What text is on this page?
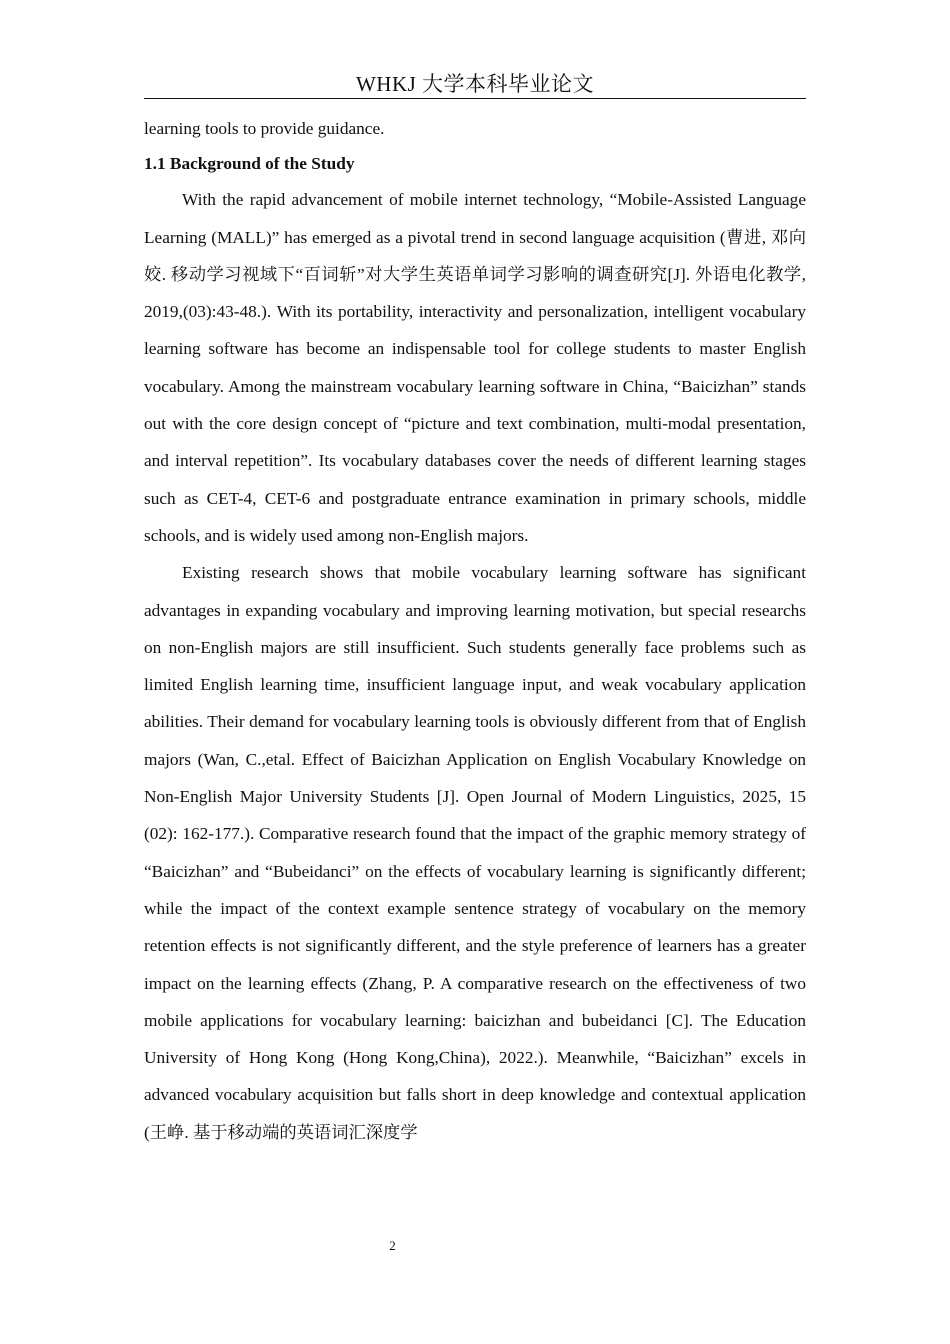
WHKJ 大学本科毕业论文

learning tools to provide guidance.

1.1 Background of the Study

With the rapid advancement of mobile internet technology, “Mobile-Assisted Language Learning (MALL)” has emerged as a pivotal trend in second language acquisition (曹进, 邓向姣. 移动学习视域下“百词斩”对大学生英语单词学习影响的调查研究[J]. 外语电化教学, 2019,(03):43-48.). With its portability, interactivity and personalization, intelligent vocabulary learning software has become an indispensable tool for college students to master English vocabulary. Among the mainstream vocabulary learning software in China, “Baicizhan” stands out with the core design concept of “picture and text combination, multi-modal presentation, and interval repetition”. Its vocabulary databases cover the needs of different learning stages such as CET-4, CET-6 and postgraduate entrance examination in primary schools, middle schools, and is widely used among non-English majors.

Existing research shows that mobile vocabulary learning software has significant advantages in expanding vocabulary and improving learning motivation, but special researchs on non-English majors are still insufficient. Such students generally face problems such as limited English learning time, insufficient language input, and weak vocabulary application abilities. Their demand for vocabulary learning tools is obviously different from that of English majors (Wan, C.,etal. Effect of Baicizhan Application on English Vocabulary Knowledge on Non-English Major University Students [J]. Open Journal of Modern Linguistics, 2025, 15 (02): 162-177.). Comparative research found that the impact of the graphic memory strategy of “Baicizhan” and “Bubeidanci” on the effects of vocabulary learning is significantly different; while the impact of the context example sentence strategy of vocabulary on the memory retention effects is not significantly different, and the style preference of learners has a greater impact on the learning effects (Zhang, P. A comparative research on the effectiveness of two mobile applications for vocabulary learning: baicizhan and bubeidanci [C]. The Education University of Hong Kong (Hong Kong,China), 2022.). Meanwhile, “Baicizhan” excels in advanced vocabulary acquisition but falls short in deep knowledge and contextual application (王峥. 基于移动端的英语词汇深度学

2
